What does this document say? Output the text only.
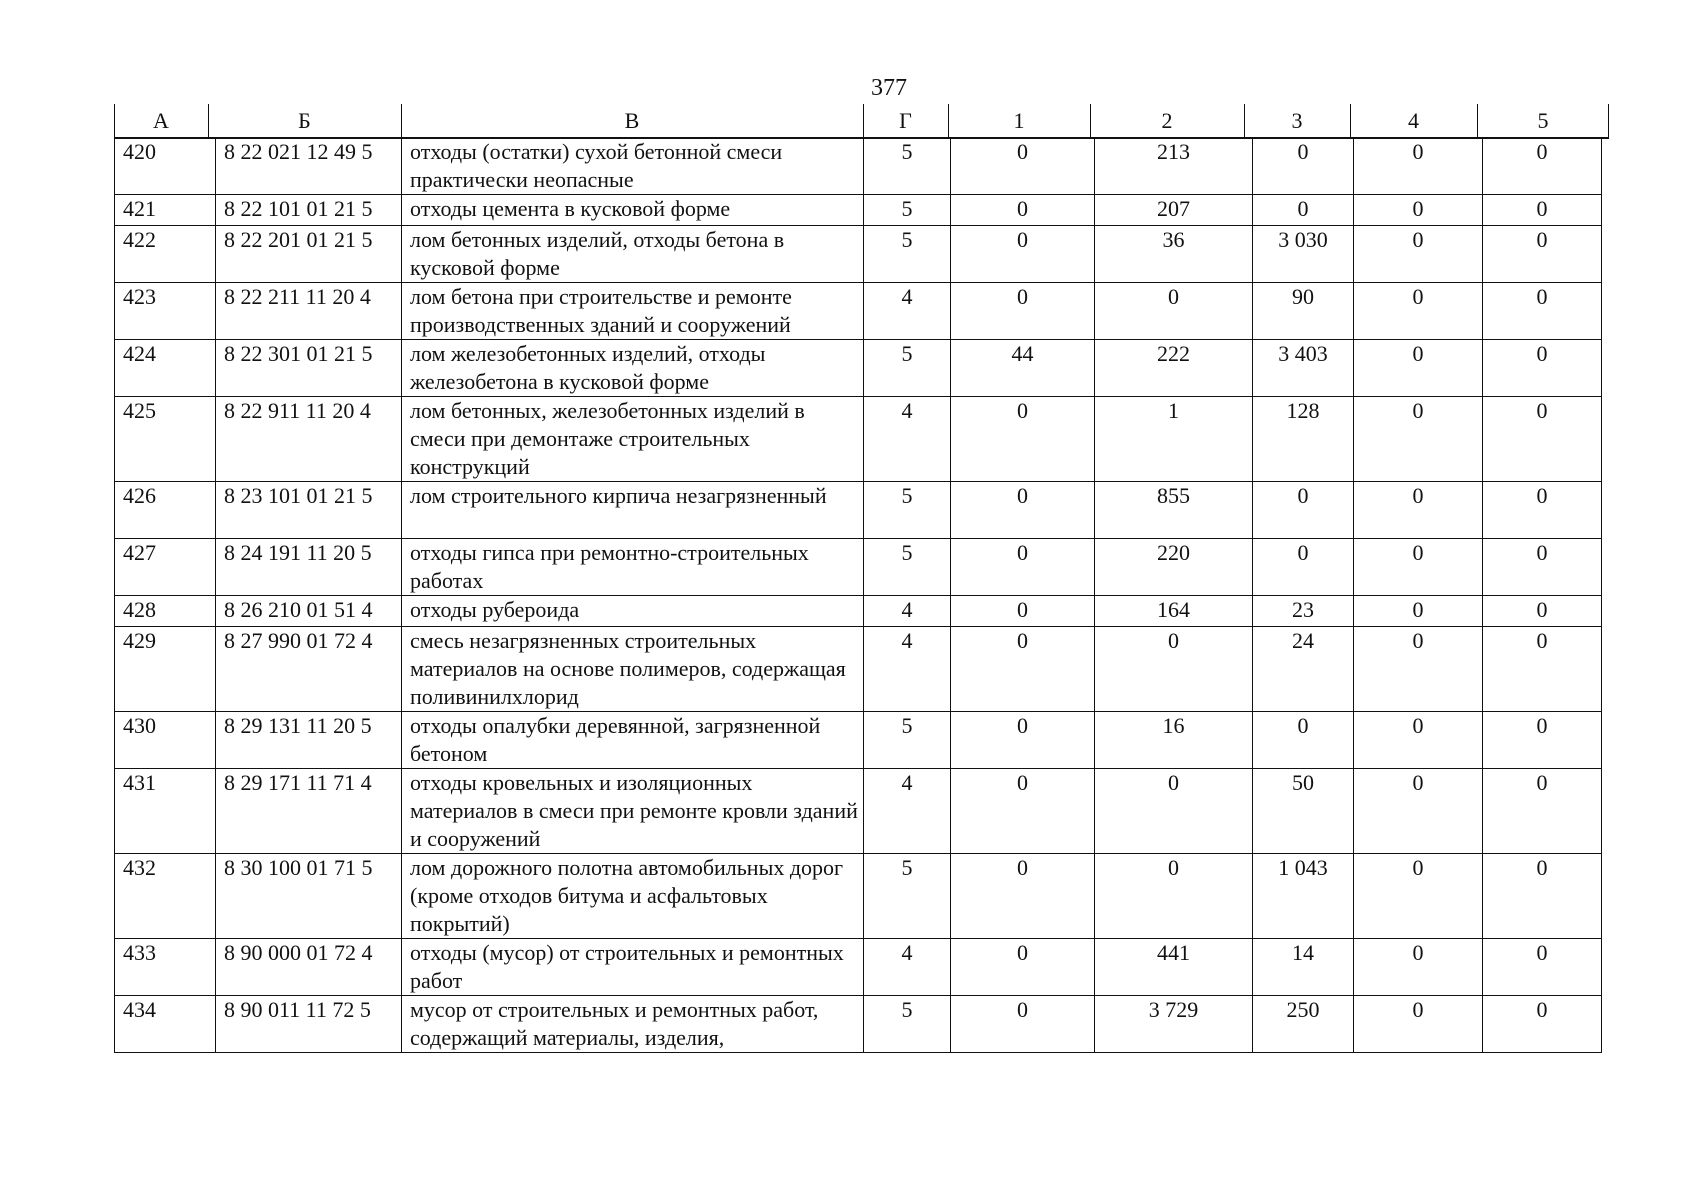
377
А	Б	В	Г	1	2	3	4	5
420	8 22 021 12 49 5	отходы (остатки) сухой бетонной смеси практически неопасные	5	0	213	0	0	0
421	8 22 101 01 21 5	отходы цемента в кусковой форме	5	0	207	0	0	0
422	8 22 201 01 21 5	лом бетонных изделий, отходы бетона в кусковой форме	5	0	36	3 030	0	0
423	8 22 211 11 20 4	лом бетона при строительстве и ремонте производственных зданий и сооружений	4	0	0	90	0	0
424	8 22 301 01 21 5	лом железобетонных изделий, отходы железобетона в кусковой форме	5	44	222	3 403	0	0
425	8 22 911 11 20 4	лом бетонных, железобетонных изделий в смеси при демонтаже строительных конструкций	4	0	1	128	0	0
426	8 23 101 01 21 5	лом строительного кирпича незагрязненный	5	0	855	0	0	0
427	8 24 191 11 20 5	отходы гипса при ремонтно-строительных работах	5	0	220	0	0	0
428	8 26 210 01 51 4	отходы рубероида	4	0	164	23	0	0
429	8 27 990 01 72 4	смесь незагрязненных строительных материалов на основе полимеров, содержащая поливинилхлорид	4	0	0	24	0	0
430	8 29 131 11 20 5	отходы опалубки деревянной, загрязненной бетоном	5	0	16	0	0	0
431	8 29 171 11 71 4	отходы кровельных и изоляционных материалов в смеси при ремонте кровли зданий и сооружений	4	0	0	50	0	0
432	8 30 100 01 71 5	лом дорожного полотна автомобильных дорог (кроме отходов битума и асфальтовых покрытий)	5	0	0	1 043	0	0
433	8 90 000 01 72 4	отходы (мусор) от строительных и ремонтных работ	4	0	441	14	0	0
434	8 90 011 11 72 5	мусор от строительных и ремонтных работ, содержащий материалы, изделия,	5	0	3 729	250	0	0
